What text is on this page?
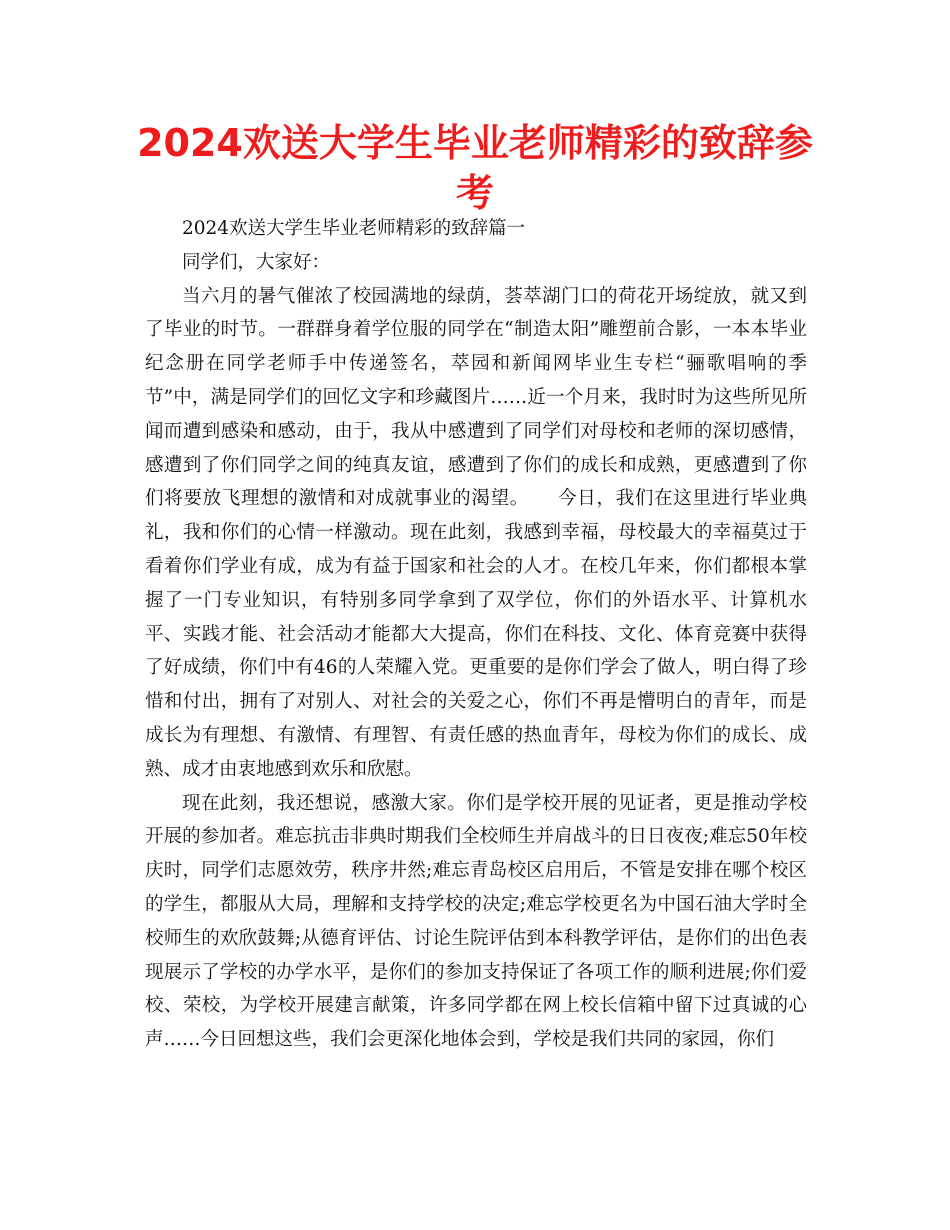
2024欢送大学生毕业老师精彩的致辞参考

2024欢送大学生毕业老师精彩的致辞篇一

同学们，大家好：

当六月的暑气催浓了校园满地的绿荫，荟萃湖门口的荷花开场绽放，就又到了毕业的时节。一群群身着学位服的同学在“制造太阳”雕塑前合影，一本本毕业纪念册在同学老师手中传递签名，萃园和新闻网毕业生专栏“骊歌唱响的季节”中，满是同学们的回忆文字和珍藏图片……近一个月来，我时时为这些所见所闻而遭到感染和感动，由于，我从中感遭到了同学们对母校和老师的深切感情，感遭到了你们同学之间的纯真友谊，感遭到了你们的成长和成熟，更感遭到了你们将要放飞理想的激情和对成就事业的渴望。　　今日，我们在这里进行毕业典礼，我和你们的心情一样激动。现在此刻，我感到幸福，母校最大的幸福莫过于看着你们学业有成，成为有益于国家和社会的人才。在校几年来，你们都根本掌握了一门专业知识，有特别多同学拿到了双学位，你们的外语水平、计算机水平、实践才能、社会活动才能都大大提高，你们在科技、文化、体育竞赛中获得了好成绩，你们中有46的人荣耀入党。更重要的是你们学会了做人，明白得了珍惜和付出，拥有了对别人、对社会的关爱之心，你们不再是懵明白的青年，而是成长为有理想、有激情、有理智、有责任感的热血青年，母校为你们的成长、成熟、成才由衷地感到欢乐和欣慰。

现在此刻，我还想说，感激大家。你们是学校开展的见证者，更是推动学校开展的参加者。难忘抗击非典时期我们全校师生并肩战斗的日日夜夜;难忘50年校庆时，同学们志愿效劳，秩序井然;难忘青岛校区启用后，不管是安排在哪个校区的学生，都服从大局，理解和支持学校的决定;难忘学校更名为中国石油大学时全校师生的欢欣鼓舞;从德育评估、讨论生院评估到本科教学评估，是你们的出色表现展示了学校的办学水平，是你们的参加支持保证了各项工作的顺利进展;你们爱校、荣校，为学校开展建言献策，许多同学都在网上校长信箱中留下过真诚的心声……今日回想这些，我们会更深化地体会到，学校是我们共同的家园，你们
